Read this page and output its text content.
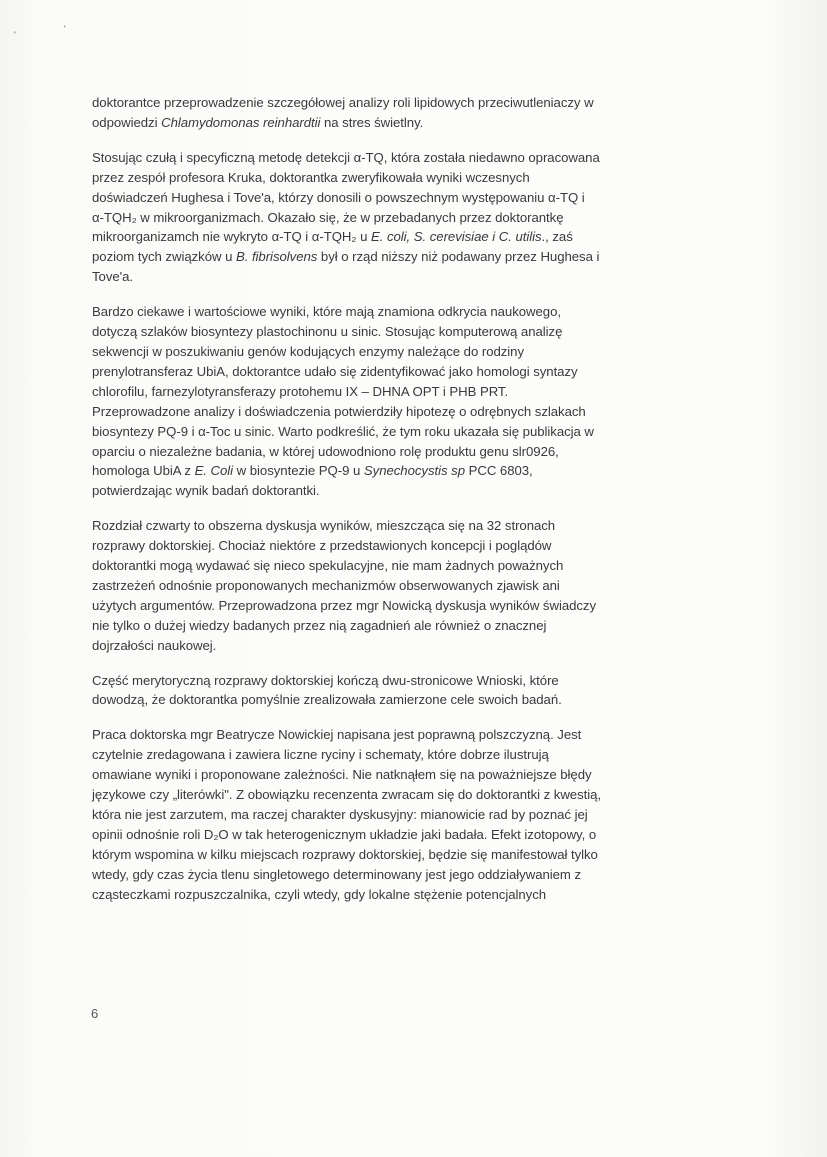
'
'

doktorantce przeprowadzenie szczegółowej analizy roli lipidowych przeciwutleniaczy w
odpowiedzi Chlamydomonas reinhardtii na stres świetlny.

Stosując czułą i specyficzną metodę detekcji α-TQ, która została niedawno opracowana
przez zespół profesora Kruka, doktorantka zweryfikowała wyniki wczesnych
doświadczeń Hughesa i Tove'a, którzy donosili o powszechnym występowaniu α-TQ i
α-TQH₂ w mikroorganizmach. Okazało się, że w przebadanych przez doktorantkę
mikroorganizamch nie wykryto α-TQ i α-TQH₂ u E. coli, S. cerevisiae i C. utilis., zaś
poziom tych związków u B. fibrisolvens był o rząd niższy niż podawany przez Hughesa i
Tove'a.

Bardzo ciekawe i wartościowe wyniki, które mają znamiona odkrycia naukowego,
dotyczą szlaków biosyntezy plastochinonu u sinic. Stosując komputerową analizę
sekwencji w poszukiwaniu genów kodujących enzymy należące do rodziny
prenylotransferaz UbiA, doktorantce udało się zidentyfikować jako homologi syntazy
chlorofilu, farnezylotyransferazy protohemu IX – DHNA OPT i PHB PRT.
Przeprowadzone analizy i doświadczenia potwierdziły hipotezę o odrębnych szlakach
biosyntezy PQ-9 i α-Toc u sinic. Warto podkreślić, że tym roku ukazała się publikacja w
oparciu o niezależne badania, w której udowodniono rolę produktu genu slr0926,
homologa UbiA z E. Coli w biosyntezie PQ-9 u Synechocystis sp PCC 6803,
potwierdzając wynik badań doktorantki.

Rozdział czwarty to obszerna dyskusja wyników, mieszcząca się na 32 stronach
rozprawy doktorskiej. Chociaż niektóre z przedstawionych koncepcji i poglądów
doktorantki mogą wydawać się nieco spekulacyjne, nie mam żadnych poważnych
zastrzeżeń odnośnie proponowanych mechanizmów obserwowanych zjawisk ani
użytych argumentów. Przeprowadzona przez mgr Nowicką dyskusja wyników świadczy
nie tylko o dużej wiedzy badanych przez nią zagadnień ale również o znacznej
dojrzałości naukowej.

Część merytoryczną rozprawy doktorskiej kończą dwu-stronicowe Wnioski, które
dowodzą, że doktorantka pomyślnie zrealizowała zamierzone cele swoich badań.

Praca doktorska mgr Beatrycze Nowickiej napisana jest poprawną polszczyzną. Jest
czytelnie zredagowana i zawiera liczne ryciny i schematy, które dobrze ilustrują
omawiane wyniki i proponowane zależności. Nie natknąłem się na poważniejsze błędy
językowe czy „literówki". Z obowiązku recenzenta zwracam się do doktorantki z kwestią,
która nie jest zarzutem, ma raczej charakter dyskusyjny: mianowicie rad by poznać jej
opinii odnośnie roli D₂O w tak heterogenicznym układzie jaki badała. Efekt izotopowy, o
którym wspomina w kilku miejscach rozprawy doktorskiej, będzie się manifestował tylko
wtedy, gdy czas życia tlenu singletowego determinowany jest jego oddziaływaniem z
cząsteczkami rozpuszczalnika, czyli wtedy, gdy lokalne stężenie potencjalnych

6
